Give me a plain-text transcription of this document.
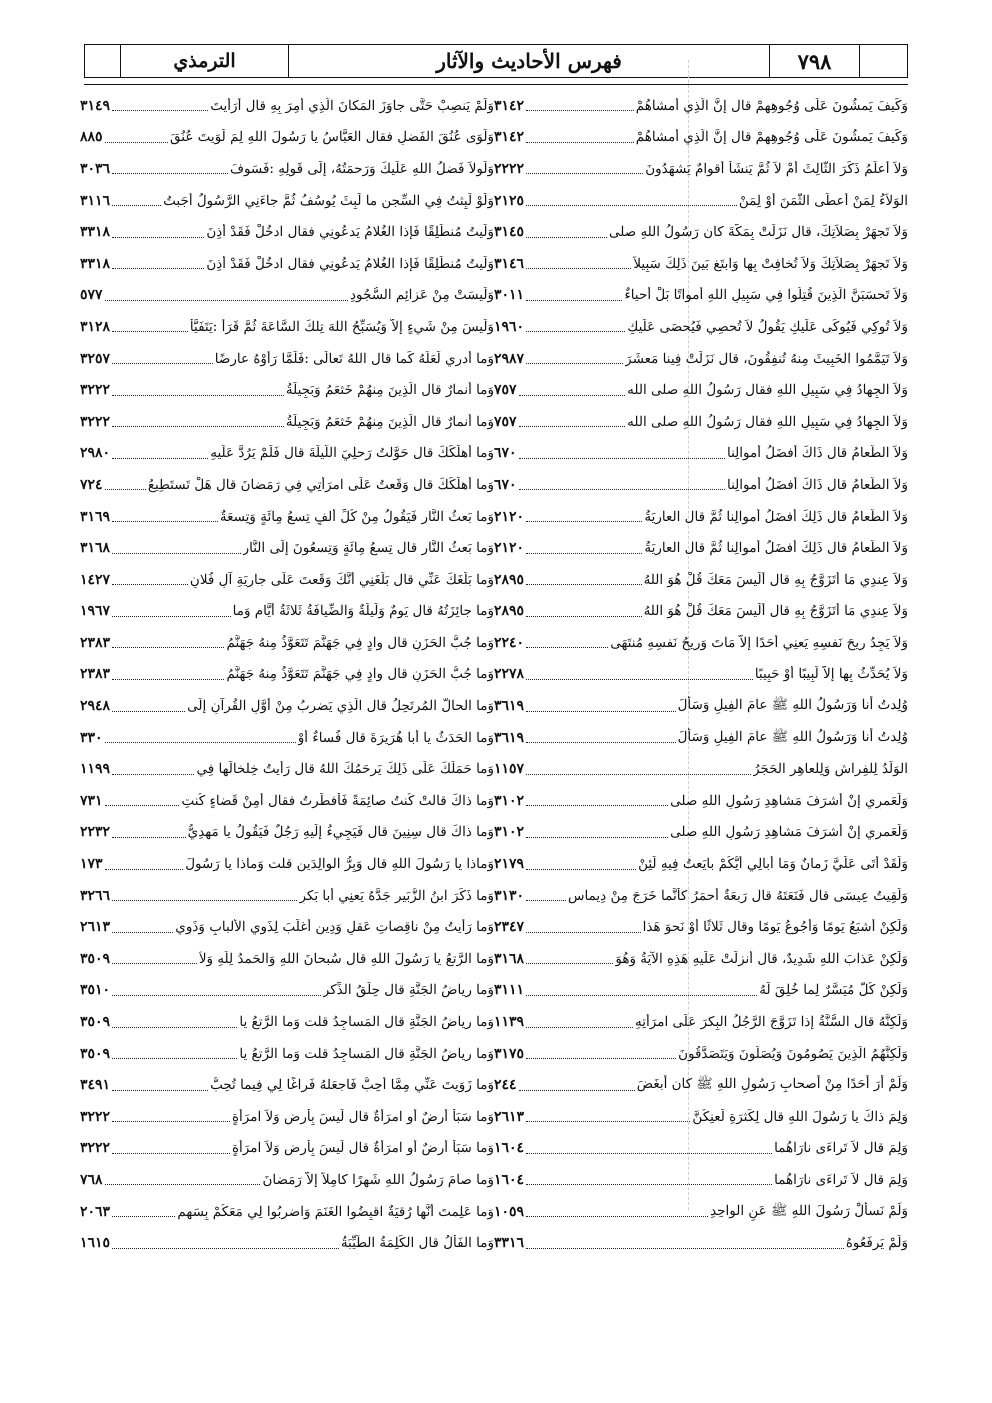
٧٩٨
فهرس الأحاديث والآثار
الترمذي
وَكَيفَ يَمشُونَ عَلَى وُجُوهِهِمْ قال إنَّ الَّذِي أمشاهُمْ
٣١٤٢
وَكَيفَ يَمشُونَ عَلَى وُجُوهِهِمْ قال إنَّ الَّذِي أمشاهُمْ
٣١٤٢
وَلاَ أعلَمُ ذَكَرَ الثَّالِثَ أمْ لاَ ثُمَّ يَنشَأُ أقوامٌ يَشهَدُونَ
٢٢٢٢
الوَلاَءُ لِمَنْ أعطَى الثَّمَنَ أوْ لِمَنْ
٢١٢٥
وَلاَ تَجهَرْ بِصَلاَتِكَ، قال نَزَلَتْ بِمَكَّةَ كان رَسُولُ اللهِ صلى
٣١٤٥
وَلاَ تَجهَرْ بِصَلاَتِكَ وَلاَ تُخافِتْ بِها وَابتَغِ بَينَ ذَلِكَ سَبِيلاً
٣١٤٦
وَلاَ تَحسَبَنَّ الَّذِينَ قُتِلُوا فِي سَبِيلِ اللهِ أمواتًا بَلْ أحياءٌ
٣٠١١
وَلاَ تُوكِي فَيُوكَى عَلَيكِ يَقُولُ لاَ تُحصِي فَيُحصَى عَلَيكِ
١٩٦٠
وَلاَ تَيَمَّمُوا الخَبِيثَ مِنهُ تُنفِقُونَ، قال نَزَلَتْ فِينا مَعشَرَ
٢٩٨٧
وَلاَ الجِهادُ فِي سَبِيلِ اللهِ فقال رَسُولُ اللهِ صلى الله
٧٥٧
وَلاَ الجِهادُ فِي سَبِيلِ اللهِ فقال رَسُولُ اللهِ صلى الله
٧٥٧
وَلاَ الطَّعامُ قال ذَاكَ أفضَلُ أموالِنا
٦٧٠
وَلاَ الطَّعامُ قال ذَاكَ أفضَلُ أموالِنا
٦٧٠
وَلاَ الطَّعامُ قال ذَلِكَ أفضَلُ أموالِنا ثُمَّ قال العارِيَةُ
٢١٢٠
وَلاَ الطَّعامُ قال ذَلِكَ أفضَلُ أموالِنا ثُمَّ قال العارِيَةُ
٢١٢٠
وَلاَ عِندِي مَا أتَزَوَّجُ بِهِ قال ألَيسَ مَعَكَ قُلْ هُوَ اللهُ
٢٨٩٥
وَلاَ عِندِي مَا أتَزَوَّجُ بِهِ قال ألَيسَ مَعَكَ قُلْ هُوَ اللهُ
٢٨٩٥
وَلاَ يَجِدُ رِيحَ نَفسِهِ يَعنِي أحَدًا إلاَّ مَاتَ وَرِيحُ نَفسِهِ مُنتَهَى
٢٢٤٠
وَلاَ يُحَدِّثُ بِها إلاَّ لَبِيبًا أوْ حَبِيبًا
٢٢٧٨
وُلِدتُ أنا وَرَسُولُ اللهِ ﷺ عامَ الفِيلِ وَسَأَلَ
٣٦١٩
وُلِدتُ أنا وَرَسُولُ اللهِ ﷺ عامَ الفِيلِ وَسَأَلَ
٣٦١٩
الوَلَدُ لِلفِراشِ وَلِلعاهِرِ الحَجَرُ
١١٥٧
وَلَعَمرِي إنْ أشرَفَ مَشاهِدِ رَسُولِ اللهِ صلى
٣١٠٢
وَلَعَمرِي إنْ أشرَفَ مَشاهِدِ رَسُولِ اللهِ صلى
٣١٠٢
وَلَقَدْ أتَى عَلَيَّ زَمانٌ وَمَا أُبالِي أيُّكُمْ بايَعتُ فِيهِ لَئِنْ
٢١٧٩
وَلَقِيتُ عِيسَى قال فَنَعَتَهُ قال رَبعَةٌ أحمَرُ كأنَّما خَرَجَ مِنْ دِيماسٍ
٣١٣٠
وَلَكِنْ أشبَعُ يَومًا وَأجُوعُ يَومًا وقال ثَلاثًا أوْ نَحوَ هَذا
٢٣٤٧
وَلَكِنْ عَذابَ اللهِ شَدِيدٌ، قال أُنزِلَتْ عَلَيهِ هَذِهِ الآيَةُ وَهُوَ
٣١٦٨
وَلَكِنْ كُلٌّ مُيَسَّرٌ لِما خُلِقَ لَهُ
٣١١١
وَلَكِنَّهُ قال السُّنَّةُ إذا تَزَوَّجَ الرَّجُلُ البِكرَ عَلَى امرَأتِهِ
١١٣٩
وَلَكِنَّهُمُ الَّذِينَ يَصُومُونَ وَيُصَلُّونَ وَيَتَصَدَّقُونَ
٣١٧٥
وَلَمْ أرَ أحَدًا مِنْ أصحابِ رَسُولِ اللهِ ﷺ كان أبغَضَ
٢٤٤
وَلِمَ ذاكَ يا رَسُولَ اللهِ قال لِكَثرَةِ لَعنِكُنَّ
٢٦١٣
وَلِمَ قال لاَ تَراءَى نارَاهُما
١٦٠٤
وَلِمَ قال لاَ تَراءَى نارَاهُما
١٦٠٤
وَلَمْ نَسأَلْ رَسُولَ اللهِ ﷺ عَنِ الواحِدِ
١٠٥٩
وَلَمْ يَرفَعُوهُ
٣٣١٦
وَلَمْ يَنصِبْ حَتَّى جاوَزَ المَكانَ الَّذِي أُمِرَ بِهِ قال أرَأيتَ
٣١٤٩
وَلَوَى عُنُقَ الفَضلِ فقال العَبَّاسُ يا رَسُولَ اللهِ لِمَ لَوَيتَ عُنُقَ
٨٨٥
وَلَولاَ فَضلُ اللهِ عَلَيكَ وَرَحمَتُهُ، إلَى قَولِهِ :فَسَوفَ
٣٠٣٦
وَلَوْ لَبِثتُ فِي السِّجنِ ما لَبِثَ يُوسُفُ ثُمَّ جاءَنِي الرَّسُولُ أجَبتُ
٣١١٦
وَلَيتُ مُنطَلِقًا فَإذا الغُلامُ يَدعُونِي فقال ادخُلْ فَقَدْ أُذِنَ
٣٣١٨
وَلَيتُ مُنطَلِقًا فَإذا الغُلامُ يَدعُونِي فقال ادخُلْ فَقَدْ أُذِنَ
٣٣١٨
وَلَيسَتْ مِنْ عَزائِمِ السُّجُودِ
٥٧٧
وَلَيسَ مِنْ شَيءٍ إلاَّ وَيُسَبِّحُ اللهَ تِلكَ السَّاعَةَ ثُمَّ قَرَأَ :يَتَفَيَّأُ
٣١٢٨
وَما أدرِي لَعَلَّهُ كَما قال اللهُ تَعالَى :فَلَمَّا رَأَوْهُ عارِضًا
٣٢٥٧
وَما أنمارٌ قال الَّذِينَ مِنهُمْ خَثعَمُ وَبَجِيلَةُ
٣٢٢٢
وَما أنمارٌ قال الَّذِينَ مِنهُمْ خَثعَمُ وَبَجِيلَةُ
٣٢٢٢
وَما أهلَكَكَ قال حَوَّلتُ رَحلِيَ اللَّيلَةَ قال فَلَمْ يَرُدَّ عَلَيهِ
٢٩٨٠
وَما أهلَكَكَ قال وَقَعتُ عَلَى امرَأتِي فِي رَمَضانَ قال هَلْ تَستَطِيعُ
٧٢٤
وَما بَعثُ النَّارِ فَيَقُولُ مِنْ كُلِّ ألفٍ تِسعُ مِائَةٍ وَتِسعَةٌ
٣١٦٩
وَما بَعثُ النَّارِ قال تِسعُ مِائَةٍ وَتِسعُونَ إلَى النَّارِ
٣١٦٨
وَما بَلَغَكَ عَنِّي قال بَلَغَنِي أنَّكَ وَقَعتَ عَلَى جارِيَةِ آلِ فُلانٍ
١٤٢٧
وَما جائِزَتُهُ قال يَومٌ وَلَيلَةٌ وَالضِّيافَةُ ثَلاثَةُ أيَّامٍ وَما
١٩٦٧
وَما جُبُّ الحَزَنِ قال وادٍ فِي جَهَنَّمَ تَتَعَوَّذُ مِنهُ جَهَنَّمُ
٢٣٨٣
وَما جُبُّ الحَزَنِ قال وادٍ فِي جَهَنَّمَ تَتَعَوَّذُ مِنهُ جَهَنَّمُ
٢٣٨٣
وَما الحالُّ المُرتَحِلُ قال الَّذِي يَضرِبُ مِنْ أوَّلِ القُرآنِ إلَى
٢٩٤٨
وَما الحَدَثُ يا أبا هُرَيرَةَ قال فُساءٌ أوْ
٣٣٠
وَما حَمَلَكَ عَلَى ذَلِكَ يَرحَمُكَ اللهُ قال رَأيتُ خِلخالَها فِي
١١٩٩
وَما ذاكَ قالتْ كُنتُ صائِمَةً فَأفطَرتُ فقال أمِنْ قَضاءٍ كُنتِ
٧٣١
وَما ذاكَ قال سِنِينَ قال فَيَجِيءُ إلَيهِ رَجُلٌ فَيَقُولُ يا مَهدِيُّ
٢٢٣٢
وَماذا يا رَسُولَ اللهِ قال وَبِرُّ الوالِدَينِ قلت وَماذا يا رَسُولَ
١٧٣
وَما ذَكَرَ ابنُ الزُّبَيرِ جَدَّهُ يَعنِي أبا بَكرٍ
٣٢٦٦
وَما رَأيتُ مِنْ ناقِصاتِ عَقلٍ وَدِينٍ أغلَبَ لِذَوِي الألبابِ وَذَوِي
٢٦١٣
وَما الرَّتعُ يا رَسُولَ اللهِ قال سُبحانَ اللهِ وَالحَمدُ لِلَّهِ وَلاَ
٣٥٠٩
وَما رِياضُ الجَنَّةِ قال حِلَقُ الذِّكرِ
٣٥١٠
وَما رِياضُ الجَنَّةِ قال المَساجِدُ قلت وَما الرَّتعُ يا
٣٥٠٩
وَما رِياضُ الجَنَّةِ قال المَساجِدُ قلت وَما الرَّتعُ يا
٣٥٠٩
وَما زَوَيتَ عَنِّي مِمَّا أُحِبُّ فَاجعَلهُ فَراغًا لِي فِيما تُحِبُّ
٣٤٩١
وَما سَبَأٌ أرضٌ أوِ امرَأةٌ قال لَيسَ بِأرضٍ وَلاَ امرَأةٍ
٣٢٢٢
وَما سَبَأٌ أرضٌ أوِ امرَأةٌ قال لَيسَ بِأرضٍ وَلاَ امرَأةٍ
٣٢٢٢
وَما صامَ رَسُولُ اللهِ شَهرًا كامِلاً إلاَّ رَمَضانَ
٧٦٨
وَما عَلِمتَ أنَّها رُقيَةٌ اقبِضُوا الغَنَمَ وَاضرِبُوا لِي مَعَكُمْ بِسَهمٍ
٢٠٦٣
وَما الفَألُ قال الكَلِمَةُ الطَّيِّبَةُ
١٦١٥
